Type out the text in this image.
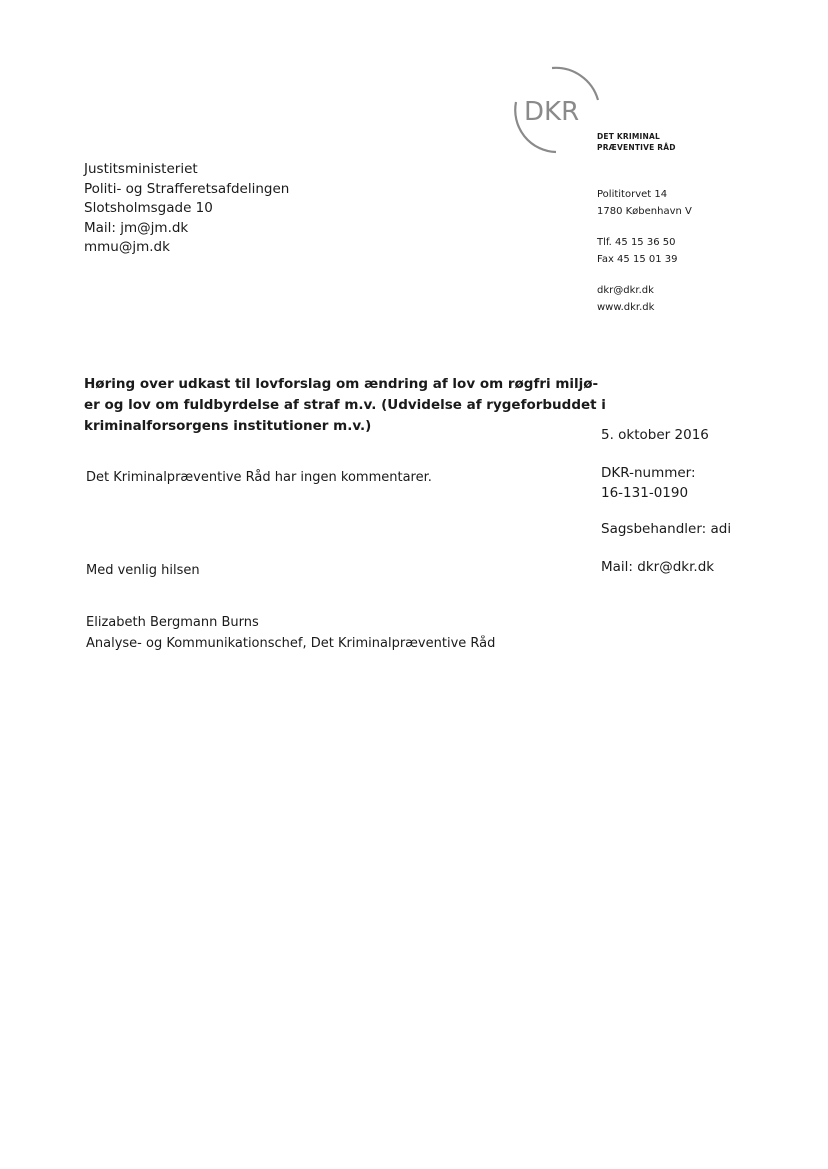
DKR
DET KRIMINAL
PRÆVENTIVE RÅD
Justitsministeriet
Politi- og Strafferetsafdelingen
Slotsholmsgade 10
Mail: jm@jm.dk
mmu@jm.dk
Polititorvet 14
1780 København V
Tlf. 45 15 36 50
Fax 45 15 01 39
dkr@dkr.dk
www.dkr.dk
Høring over udkast til lovforslag om ændring af lov om røgfri miljø-
er og lov om fuldbyrdelse af straf m.v. (Udvidelse af rygeforbuddet i
kriminalforsorgens institutioner m.v.)
5. oktober 2016
Det Kriminalpræventive Råd har ingen kommentarer.	DKR-nummer:
16-131-0190
Sagsbehandler: adi
Mail: dkr@dkr.dk
Med venlig hilsen
Elizabeth Bergmann Burns
Analyse- og Kommunikationschef, Det Kriminalpræventive Råd
